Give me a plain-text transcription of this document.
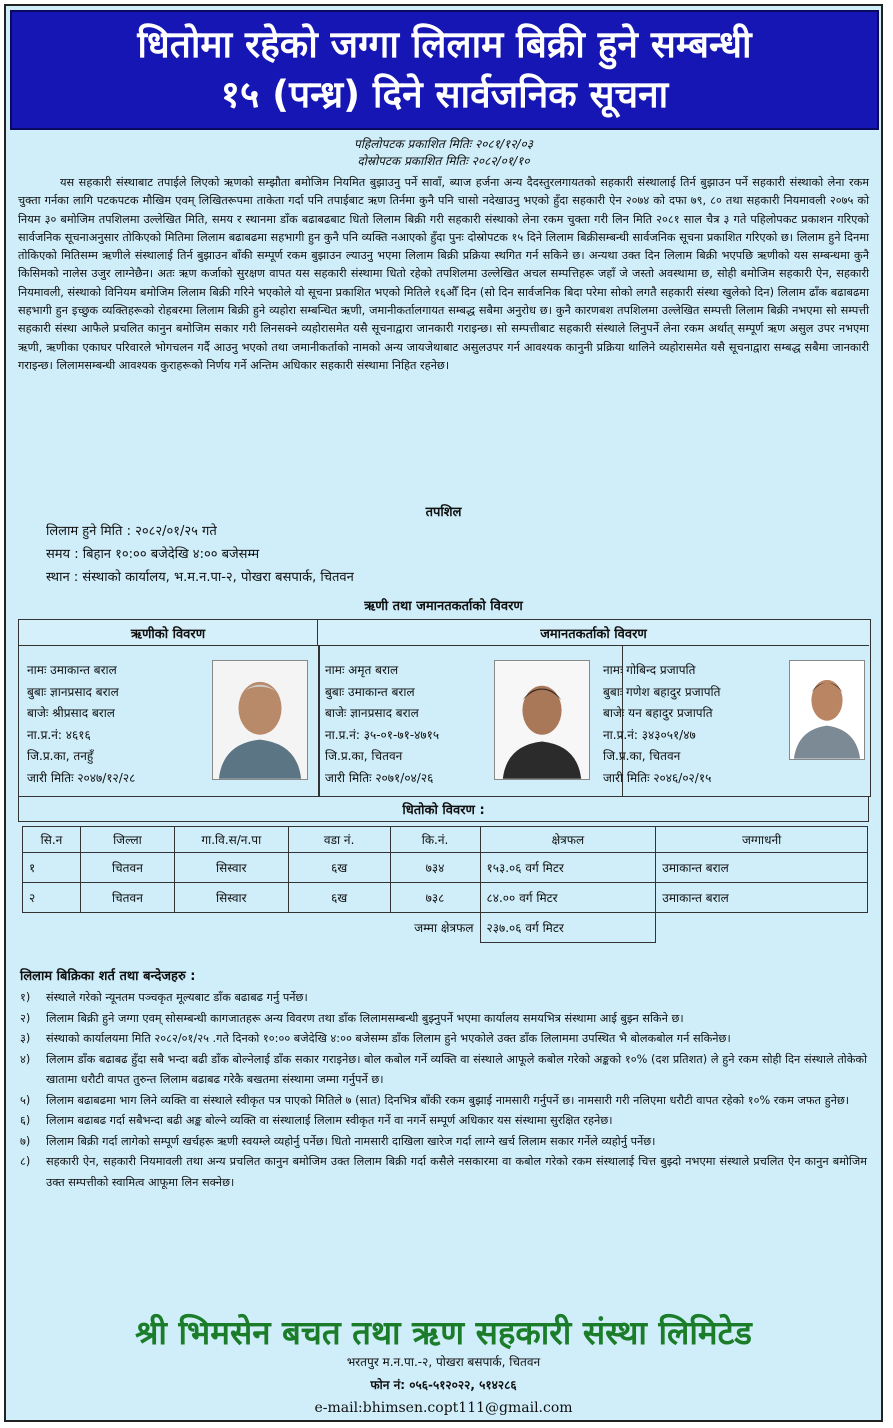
धितोमा रहेको जग्गा लिलाम बिक्री हुने सम्बन्धी
१५ (पन्ध्र) दिने सार्वजनिक सूचना
पहिलोपटक प्रकाशित मितिः २०८१/१२/०३
दोस्रोपटक प्रकाशित मितिः २०८२/०१/१०
यस सहकारी संस्थाबाट तपाईले लिएको ऋणको सम्झौता बमोजिम नियमित बुझाउनु पर्ने सावाँ, ब्याज हर्जना अन्य दैदस्तुरलगायतको सहकारी संस्थालाई तिर्न बुझाउन पर्ने सहकारी संस्थाको लेना रकम चुक्ता गर्नका लागि पटकपटक मौखिम एवम् लिखितरूपमा ताकेता गर्दा पनि तपाईबाट ऋण तिर्नमा कुनै पनि चासो नदेखाउनु भएको हुँदा सहकारी ऐन २०७४ को दफा ७९, ८० तथा सहकारी नियमावली २०७५ को नियम ३० बमोजिम तपशिलमा उल्लेखित मिति, समय र स्थानमा डाँक बढाबढबाट धितो लिलाम बिक्री गरी सहकारी संस्थाको लेना रकम चुक्ता गरी लिन मिति २०८१ साल चैत्र ३ गते पहिलोपकट प्रकाशन गरिएको सार्वजनिक सूचनाअनुसार तोकिएको मितिमा लिलाम बढाबढमा सहभागी हुन कुनै पनि व्यक्ति नआएको हुँदा पुनः दोस्रोपटक १५ दिने लिलाम बिक्रीसम्बन्धी सार्वजनिक सूचना प्रकाशित गरिएको छ। लिलाम हुने दिनमा तोकिएको मितिसम्म ऋणीले संस्थालाई तिर्न बुझाउन बाँकी सम्पूर्ण रकम बुझाउन ल्याउनु भएमा लिलाम बिक्री प्रक्रिया स्थगित गर्न सकिने छ। अन्यथा उक्त दिन लिलाम बिक्री भएपछि ऋणीको यस सम्बन्धमा कुनै किसिमको नालेस उजुर लाग्नेछैन। अतः ऋण कर्जाको सुरक्षण वापत यस सहकारी संस्थामा धितो रहेको तपशिलमा उल्लेखित अचल सम्पत्तिहरू जहाँ जे जस्तो अवस्थामा छ, सोही बमोजिम सहकारी ऐन, सहकारी नियमावली, संस्थाको विनियम बमोजिम लिलाम बिक्री गरिने भएकोले यो सूचना प्रकाशित भएको मितिले १६औँ दिन (सो दिन सार्वजनिक बिदा परेमा सोको लगतै सहकारी संस्था खुलेको दिन) लिलाम ढाँक बढाबढमा सहभागी हुन इच्छुक व्यक्तिहरूको रोहबरमा लिलाम बिक्री हुने व्यहोरा सम्बन्धित ऋणी, जमानीकर्तालगायत सम्बद्ध सबैमा अनुरोध छ। कुनै कारणबश तपशिलमा उल्लेखित सम्पत्ती लिलाम बिक्री नभएमा सो सम्पत्ती सहकारी संस्था आफैले प्रचलित कानुन बमोजिम सकार गरी लिनसक्ने व्यहोरासमेत यसै सूचनाद्वारा जानकारी गराइन्छ। सो सम्पत्तीबाट सहकारी संस्थाले लिनुपर्ने लेना रकम अर्थात् सम्पूर्ण ऋण असुल उपर नभएमा ऋणी, ऋणीका एकाघर परिवारले भोगचलन गर्दै आउनु भएको तथा जमानीकर्ताको नामको अन्य जायजेथाबाट असुलउपर गर्न आवश्यक कानुनी प्रक्रिया थालिने व्यहोरासमेत यसै सूचनाद्वारा सम्बद्ध सबैमा जानकारी गराइन्छ। लिलामसम्बन्धी आवश्यक कुराहरूको निर्णय गर्ने अन्तिम अधिकार सहकारी संस्थामा निहित रहनेछ।
तपशिल
लिलाम हुने मिति : २०८२/०१/२५ गते
समय : बिहान १०:०० बजेदेखि ४:०० बजेसम्म
स्थान : संस्थाको कार्यालय, भ.म.न.पा-२, पोखरा बसपार्क, चितवन
ऋणी तथा जमानतकर्ताको विवरण
ऋणीको विवरण	जमानतकर्ताको विवरण
नामः उमाकान्त बराल
बुबाः ज्ञानप्रसाद बराल
बाजेः श्रीप्रसाद बराल
ना.प्र.नं: ४६१६
जि.प्र.का, तनहुँ
जारी मितिः २०४७/१२/२८
नामः अमृत बराल
बुबाः उमाकान्त बराल
बाजेः ज्ञानप्रसाद बराल
ना.प्र.नं: ३५-०१-७१-४७१५
जि.प्र.का, चितवन
जारी मितिः २०७१/०४/२६
नामः गोबिन्द प्रजापति
बुबाः गणेश बहादुर प्रजापति
बाजेः यन बहादुर प्रजापति
ना.प्र.नं: ३४३०५१/४७
जि.प्र.का, चितवन
जारी मितिः २०४६/०२/१५
धितोको विवरण :
सि.न	जिल्ला	गा.वि.स/न.पा	वडा नं.	कि.नं.	क्षेत्रफल	जग्गाधनी
१	चितवन	सिस्वार	६ख	७३४	१५३.०६ वर्ग मिटर	उमाकान्त बराल
२	चितवन	सिस्वार	६ख	७३८	८४.०० वर्ग मिटर	उमाकान्त बराल
जम्मा क्षेत्रफल					२३७.०६ वर्ग मिटर	
लिलाम बिक्रिका शर्त तथा बन्देजहरु :
१)	संस्थाले गरेको न्यूनतम पञ्चकृत मूल्यबाट डाँक बढाबढ गर्नु पर्नेछ।
२)	लिलाम बिक्री हुने जग्गा एवम् सोसम्बन्धी कागजातहरू अन्य विवरण तथा डाँक लिलामसम्बन्धी बुझ्नुपर्ने भएमा कार्यालय समयभित्र संस्थामा आई बुझ्न सकिने छ।
३)	संस्थाको कार्यालयमा मिति २०८२/०१/२५ .गते दिनको १०:०० बजेदेखि ४:०० बजेसम्म डाँक लिलाम हुने भएकोले उक्त डाँक लिलाममा उपस्थित भै बोलकबोल गर्न सकिनेछ।
४)	लिलाम डाँक बढाबढ हुँदा सबै भन्दा बढी डाँक बोल्नेलाई डाँक सकार गराइनेछ। बोल कबोल गर्ने व्यक्ति वा संस्थाले आफूले कबोल गरेको अङ्कको १०% (दश प्रतिशत) ले हुने रकम सोही दिन संस्थाले तोकेको खातामा धरौटी वापत तुरुन्त लिलाम बढाबढ गरेकै बखतमा संस्थामा जम्मा गर्नुपर्ने छ।
५)	लिलाम बढाबढमा भाग लिने व्यक्ति वा संस्थाले स्वीकृत पत्र पाएको मितिले ७ (सात) दिनभित्र बाँकी रकम बुझाई नामसारी गर्नुपर्ने छ। नामसारी गरी नलिएमा धरौटी वापत रहेको १०% रकम जफत हुनेछ।
६)	लिलाम बढाबढ गर्दा सबैभन्दा बढी अङ्क बोल्ने व्यक्ति वा संस्थालाई लिलाम स्वीकृत गर्ने वा नगर्ने सम्पूर्ण अधिकार यस संस्थामा सुरक्षित रहनेछ।
७)	लिलाम बिक्री गर्दा लागेको सम्पूर्ण खर्चहरू ऋणी स्वयम्ले व्यहोर्नु पर्नेछ। धितो नामसारी दाखिला खारेज गर्दा लाग्ने खर्च लिलाम सकार गर्नेले व्यहोर्नु पर्नेछ।
८)	सहकारी ऐन, सहकारी नियमावली तथा अन्य प्रचलित कानुन बमोजिम उक्त लिलाम बिक्री गर्दा कसैले नसकारमा वा कबोल गरेको रकम संस्थालाई चित्त बुझ्दो नभएमा संस्थाले प्रचलित ऐन कानुन बमोजिम उक्त सम्पत्तीको स्वामित्व आफूमा लिन सक्नेछ।
श्री भिमसेन बचत तथा ऋण सहकारी संस्था लिमिटेड
भरतपुर म.न.पा.-२, पोखरा बसपार्क, चितवन
फोन नं: ०५६-५१२०२२, ५१४२८६
e-mail:bhimsen.copt111@gmail.com
